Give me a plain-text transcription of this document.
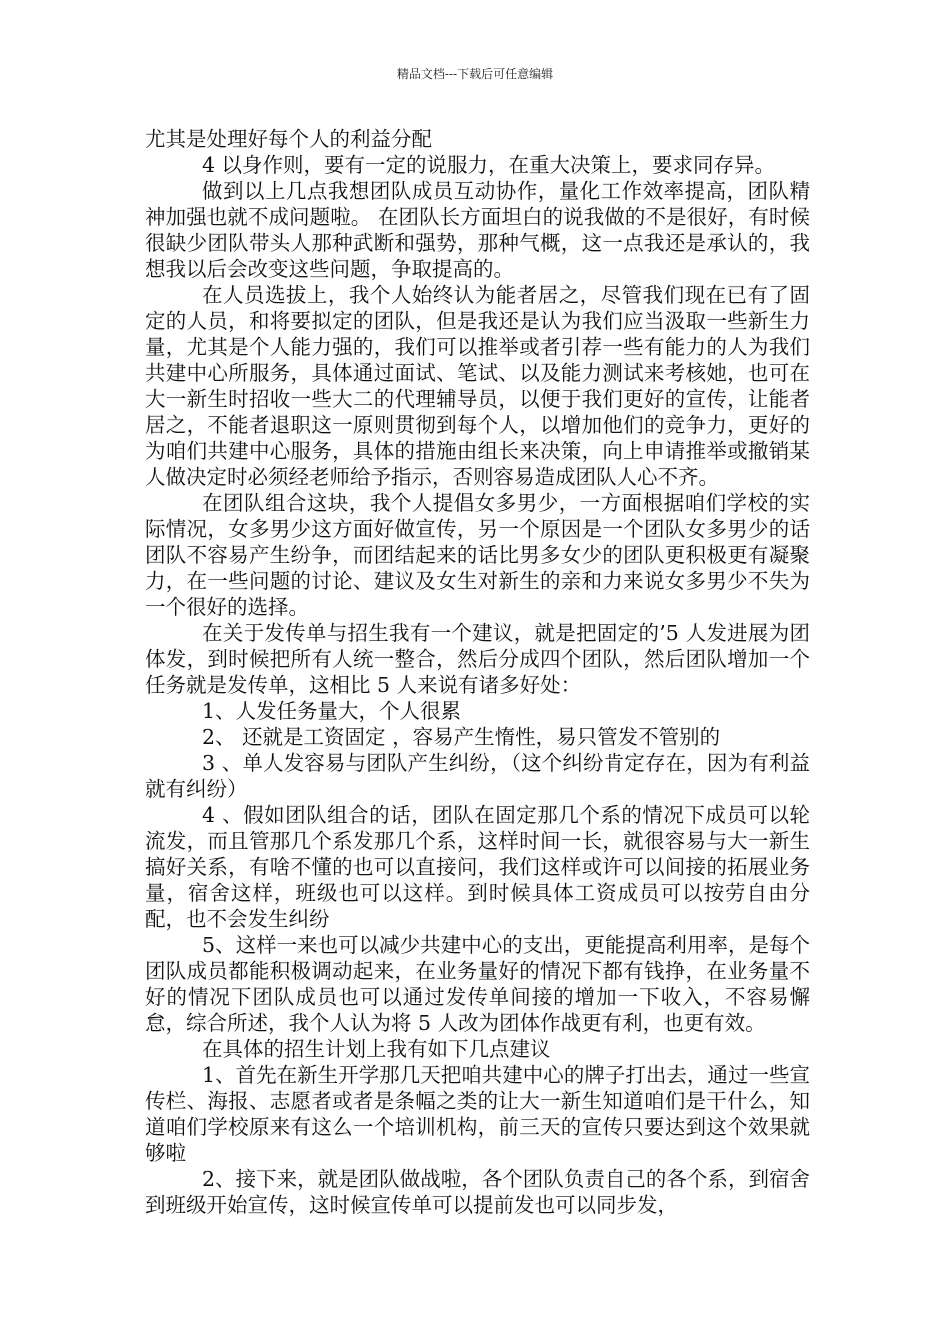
精品文档---下载后可任意编辑

尤其是处理好每个人的利益分配

4 以身作则，要有一定的说服力，在重大决策上，要求同存异。

做到以上几点我想团队成员互动协作，量化工作效率提高，团队精神加强也就不成问题啦。 在团队长方面坦白的说我做的不是很好，有时候很缺少团队带头人那种武断和强势，那种气概，这一点我还是承认的，我想我以后会改变这些问题，争取提高的。

在人员选拔上，我个人始终认为能者居之，尽管我们现在已有了固定的人员，和将要拟定的团队，但是我还是认为我们应当汲取一些新生力量，尤其是个人能力强的，我们可以推举或者引荐一些有能力的人为我们共建中心所服务，具体通过面试、笔试、以及能力测试来考核她，也可在大一新生时招收一些大二的代理辅导员，以便于我们更好的宣传，让能者居之，不能者退职这一原则贯彻到每个人，以增加他们的竞争力，更好的为咱们共建中心服务，具体的措施由组长来决策，向上申请推举或撤销某人做决定时必须经老师给予指示，否则容易造成团队人心不齐。

在团队组合这块，我个人提倡女多男少，一方面根据咱们学校的实际情况，女多男少这方面好做宣传，另一个原因是一个团队女多男少的话团队不容易产生纷争，而团结起来的话比男多女少的团队更积极更有凝聚力，在一些问题的讨论、建议及女生对新生的亲和力来说女多男少不失为一个很好的选择。

在关于发传单与招生我有一个建议，就是把固定的’5 人发进展为团体发，到时候把所有人统一整合，然后分成四个团队，然后团队增加一个任务就是发传单，这相比 5 人来说有诸多好处：

1、人发任务量大，个人很累

2、 还就是工资固定 ，容易产生惰性，易只管发不管别的

3 、单人发容易与团队产生纠纷，（这个纠纷肯定存在，因为有利益就有纠纷）

4 、假如团队组合的话，团队在固定那几个系的情况下成员可以轮流发，而且管那几个系发那几个系，这样时间一长，就很容易与大一新生搞好关系，有啥不懂的也可以直接问，我们这样或许可以间接的拓展业务量，宿舍这样，班级也可以这样。到时候具体工资成员可以按劳自由分配，也不会发生纠纷

5、这样一来也可以减少共建中心的支出，更能提高利用率，是每个团队成员都能积极调动起来，在业务量好的情况下都有钱挣，在业务量不好的情况下团队成员也可以通过发传单间接的增加一下收入，不容易懈怠，综合所述，我个人认为将 5 人改为团体作战更有利，也更有效。

在具体的招生计划上我有如下几点建议

1、首先在新生开学那几天把咱共建中心的牌子打出去，通过一些宣传栏、海报、志愿者或者是条幅之类的让大一新生知道咱们是干什么，知道咱们学校原来有这么一个培训机构，前三天的宣传只要达到这个效果就够啦

2、接下来，就是团队做战啦，各个团队负责自己的各个系，到宿舍到班级开始宣传，这时候宣传单可以提前发也可以同步发，
